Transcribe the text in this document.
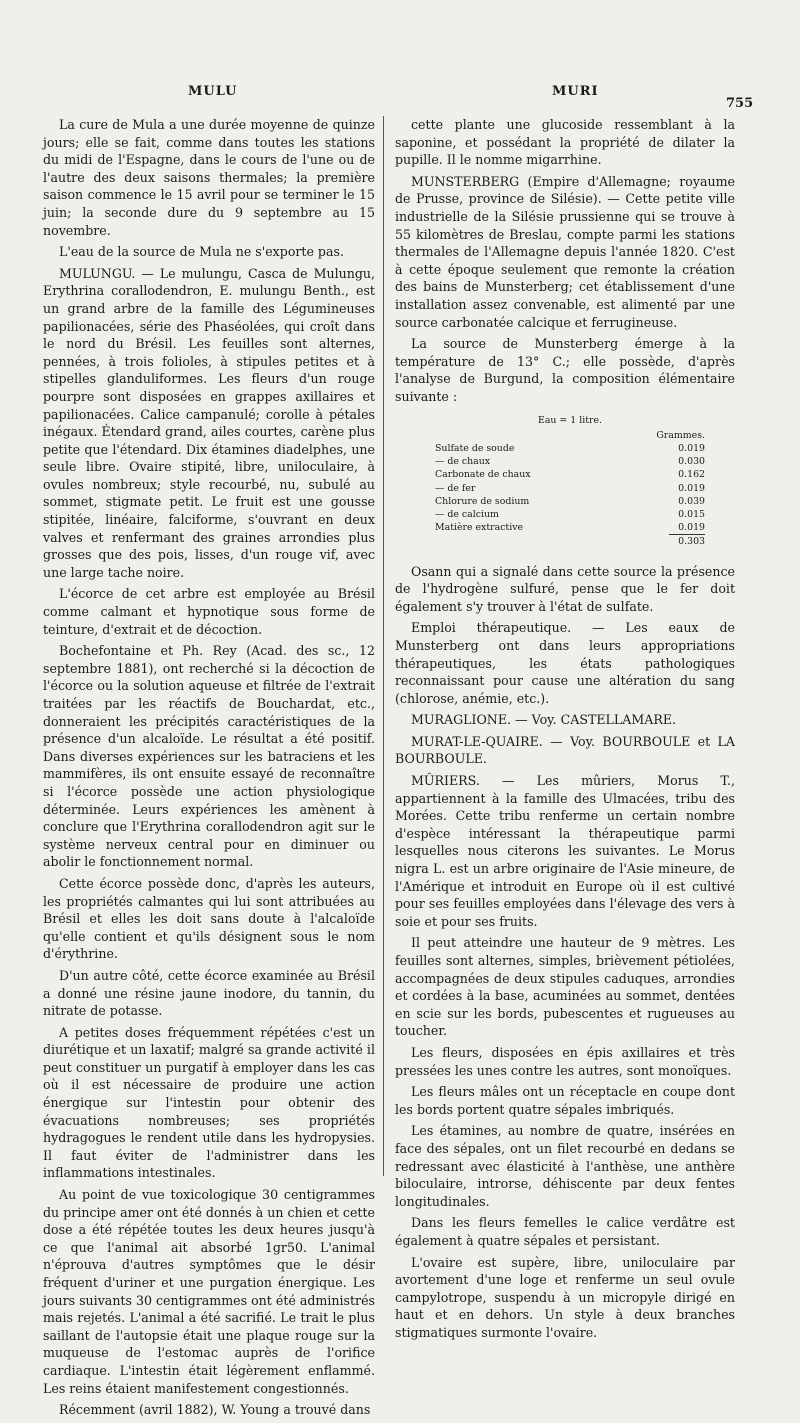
MULU	MURI
755

La cure de Mula a une durée moyenne de quinze jours; elle se fait, comme dans toutes les stations du midi de l'Espagne, dans le cours de l'une ou de l'autre des deux saisons thermales; la première saison commence le 15 avril pour se terminer le 15 juin; la seconde dure du 9 septembre au 15 novembre.

L'eau de la source de Mula ne s'exporte pas.

MULUNGU. — Le mulungu, Casca de Mulungu, Erythrina corallodendron, E. mulungu Benth., est un grand arbre de la famille des Légumineuses papilionacées, série des Phaséolées, qui croît dans le nord du Brésil. Les feuilles sont alternes, pennées, à trois folioles, à stipules petites et à stipelles glanduliformes. Les fleurs d'un rouge pourpre sont disposées en grappes axillaires et papilionacées. Calice campanulé; corolle à pétales inégaux. Étendard grand, ailes courtes, carène plus petite que l'étendard. Dix étamines diadelphes, une seule libre. Ovaire stipité, libre, uniloculaire, à ovules nombreux; style recourbé, nu, subulé au sommet, stigmate petit. Le fruit est une gousse stipitée, linéaire, falciforme, s'ouvrant en deux valves et renfermant des graines arrondies plus grosses que des pois, lisses, d'un rouge vif, avec une large tache noire.

L'écorce de cet arbre est employée au Brésil comme calmant et hypnotique sous forme de teinture, d'extrait et de décoction.

Bochefontaine et Ph. Rey (Acad. des sc., 12 septembre 1881), ont recherché si la décoction de l'écorce ou la solution aqueuse et filtrée de l'extrait traitées par les réactifs de Bouchardat, etc., donneraient les précipités caractéristiques de la présence d'un alcaloïde. Le résultat a été positif. Dans diverses expériences sur les batraciens et les mammifères, ils ont ensuite essayé de reconnaître si l'écorce possède une action physiologique déterminée. Leurs expériences les amènent à conclure que l'Erythrina corallodendron agit sur le système nerveux central pour en diminuer ou abolir le fonctionnement normal.

Cette écorce possède donc, d'après les auteurs, les propriétés calmantes qui lui sont attribuées au Brésil et elles les doit sans doute à l'alcaloïde qu'elle contient et qu'ils désignent sous le nom d'érythrine.

D'un autre côté, cette écorce examinée au Brésil a donné une résine jaune inodore, du tannin, du nitrate de potasse.

A petites doses fréquemment répétées c'est un diurétique et un laxatif; malgré sa grande activité il peut constituer un purgatif à employer dans les cas où il est nécessaire de produire une action énergique sur l'intestin pour obtenir des évacuations nombreuses; ses propriétés hydragogues le rendent utile dans les hydropysies. Il faut éviter de l'administrer dans les inflammations intestinales.

Au point de vue toxicologique 30 centigrammes du principe amer ont été donnés à un chien et cette dose a été répétée toutes les deux heures jusqu'à ce que l'animal ait absorbé 1gr50. L'animal n'éprouva d'autres symptômes que le désir fréquent d'uriner et une purgation énergique. Les jours suivants 30 centigrammes ont été administrés mais rejetés. L'animal a été sacrifié. Le trait le plus saillant de l'autopsie était une plaque rouge sur la muqueuse de l'estomac auprès de l'orifice cardiaque. L'intestin était légèrement enflammé. Les reins étaient manifestement congestionnés.

Récemment (avril 1882), W. Young a trouvé dans

cette plante une glucoside ressemblant à la saponine, et possédant la propriété de dilater la pupille. Il le nomme migarrhine.

MUNSTERBERG (Empire d'Allemagne; royaume de Prusse, province de Silésie). — Cette petite ville industrielle de la Silésie prussienne qui se trouve à 55 kilomètres de Breslau, compte parmi les stations thermales de l'Allemagne depuis l'année 1820. C'est à cette époque seulement que remonte la création des bains de Munsterberg; cet établissement d'une installation assez convenable, est alimenté par une source carbonatée calcique et ferrugineuse.

La source de Munsterberg émerge à la température de 13° C.; elle possède, d'après l'analyse de Burgund, la composition élémentaire suivante :

Eau = 1 litre.
Grammes.
Sulfate de soude	0.019
— de chaux	0.030
Carbonate de chaux	0.162
— de fer	0.019
Chlorure de sodium	0.039
— de calcium	0.015
Matière extractive	0.019
0.303

Osann qui a signalé dans cette source la présence de l'hydrogène sulfuré, pense que le fer doit également s'y trouver à l'état de sulfate.

Emploi thérapeutique. — Les eaux de Munsterberg ont dans leurs appropriations thérapeutiques, les états pathologiques reconnaissant pour cause une altération du sang (chlorose, anémie, etc.).

MURAGLIONE. — Voy. CASTELLAMARE.

MURAT-LE-QUAIRE. — Voy. BOURBOULE et LA BOURBOULE.

MÛRIERS. — Les mûriers, Morus T., appartiennent à la famille des Ulmacées, tribu des Morées. Cette tribu renferme un certain nombre d'espèce intéressant la thérapeutique parmi lesquelles nous citerons les suivantes. Le Morus nigra L. est un arbre originaire de l'Asie mineure, de l'Amérique et introduit en Europe où il est cultivé pour ses feuilles employées dans l'élevage des vers à soie et pour ses fruits.

Il peut atteindre une hauteur de 9 mètres. Les feuilles sont alternes, simples, brièvement pétiolées, accompagnées de deux stipules caduques, arrondies et cordées à la base, acuminées au sommet, dentées en scie sur les bords, pubescentes et rugueuses au toucher.

Les fleurs, disposées en épis axillaires et très pressées les unes contre les autres, sont monoïques.

Les fleurs mâles ont un réceptacle en coupe dont les bords portent quatre sépales imbriqués.

Les étamines, au nombre de quatre, insérées en face des sépales, ont un filet recourbé en dedans se redressant avec élasticité à l'anthèse, une anthère biloculaire, introrse, déhiscente par deux fentes longitudinales.

Dans les fleurs femelles le calice verdâtre est également à quatre sépales et persistant.

L'ovaire est supère, libre, uniloculaire par avortement d'une loge et renferme un seul ovule campylotrope, suspendu à un micropyle dirigé en haut et en dehors. Un style à deux branches stigmatiques surmonte l'ovaire.
